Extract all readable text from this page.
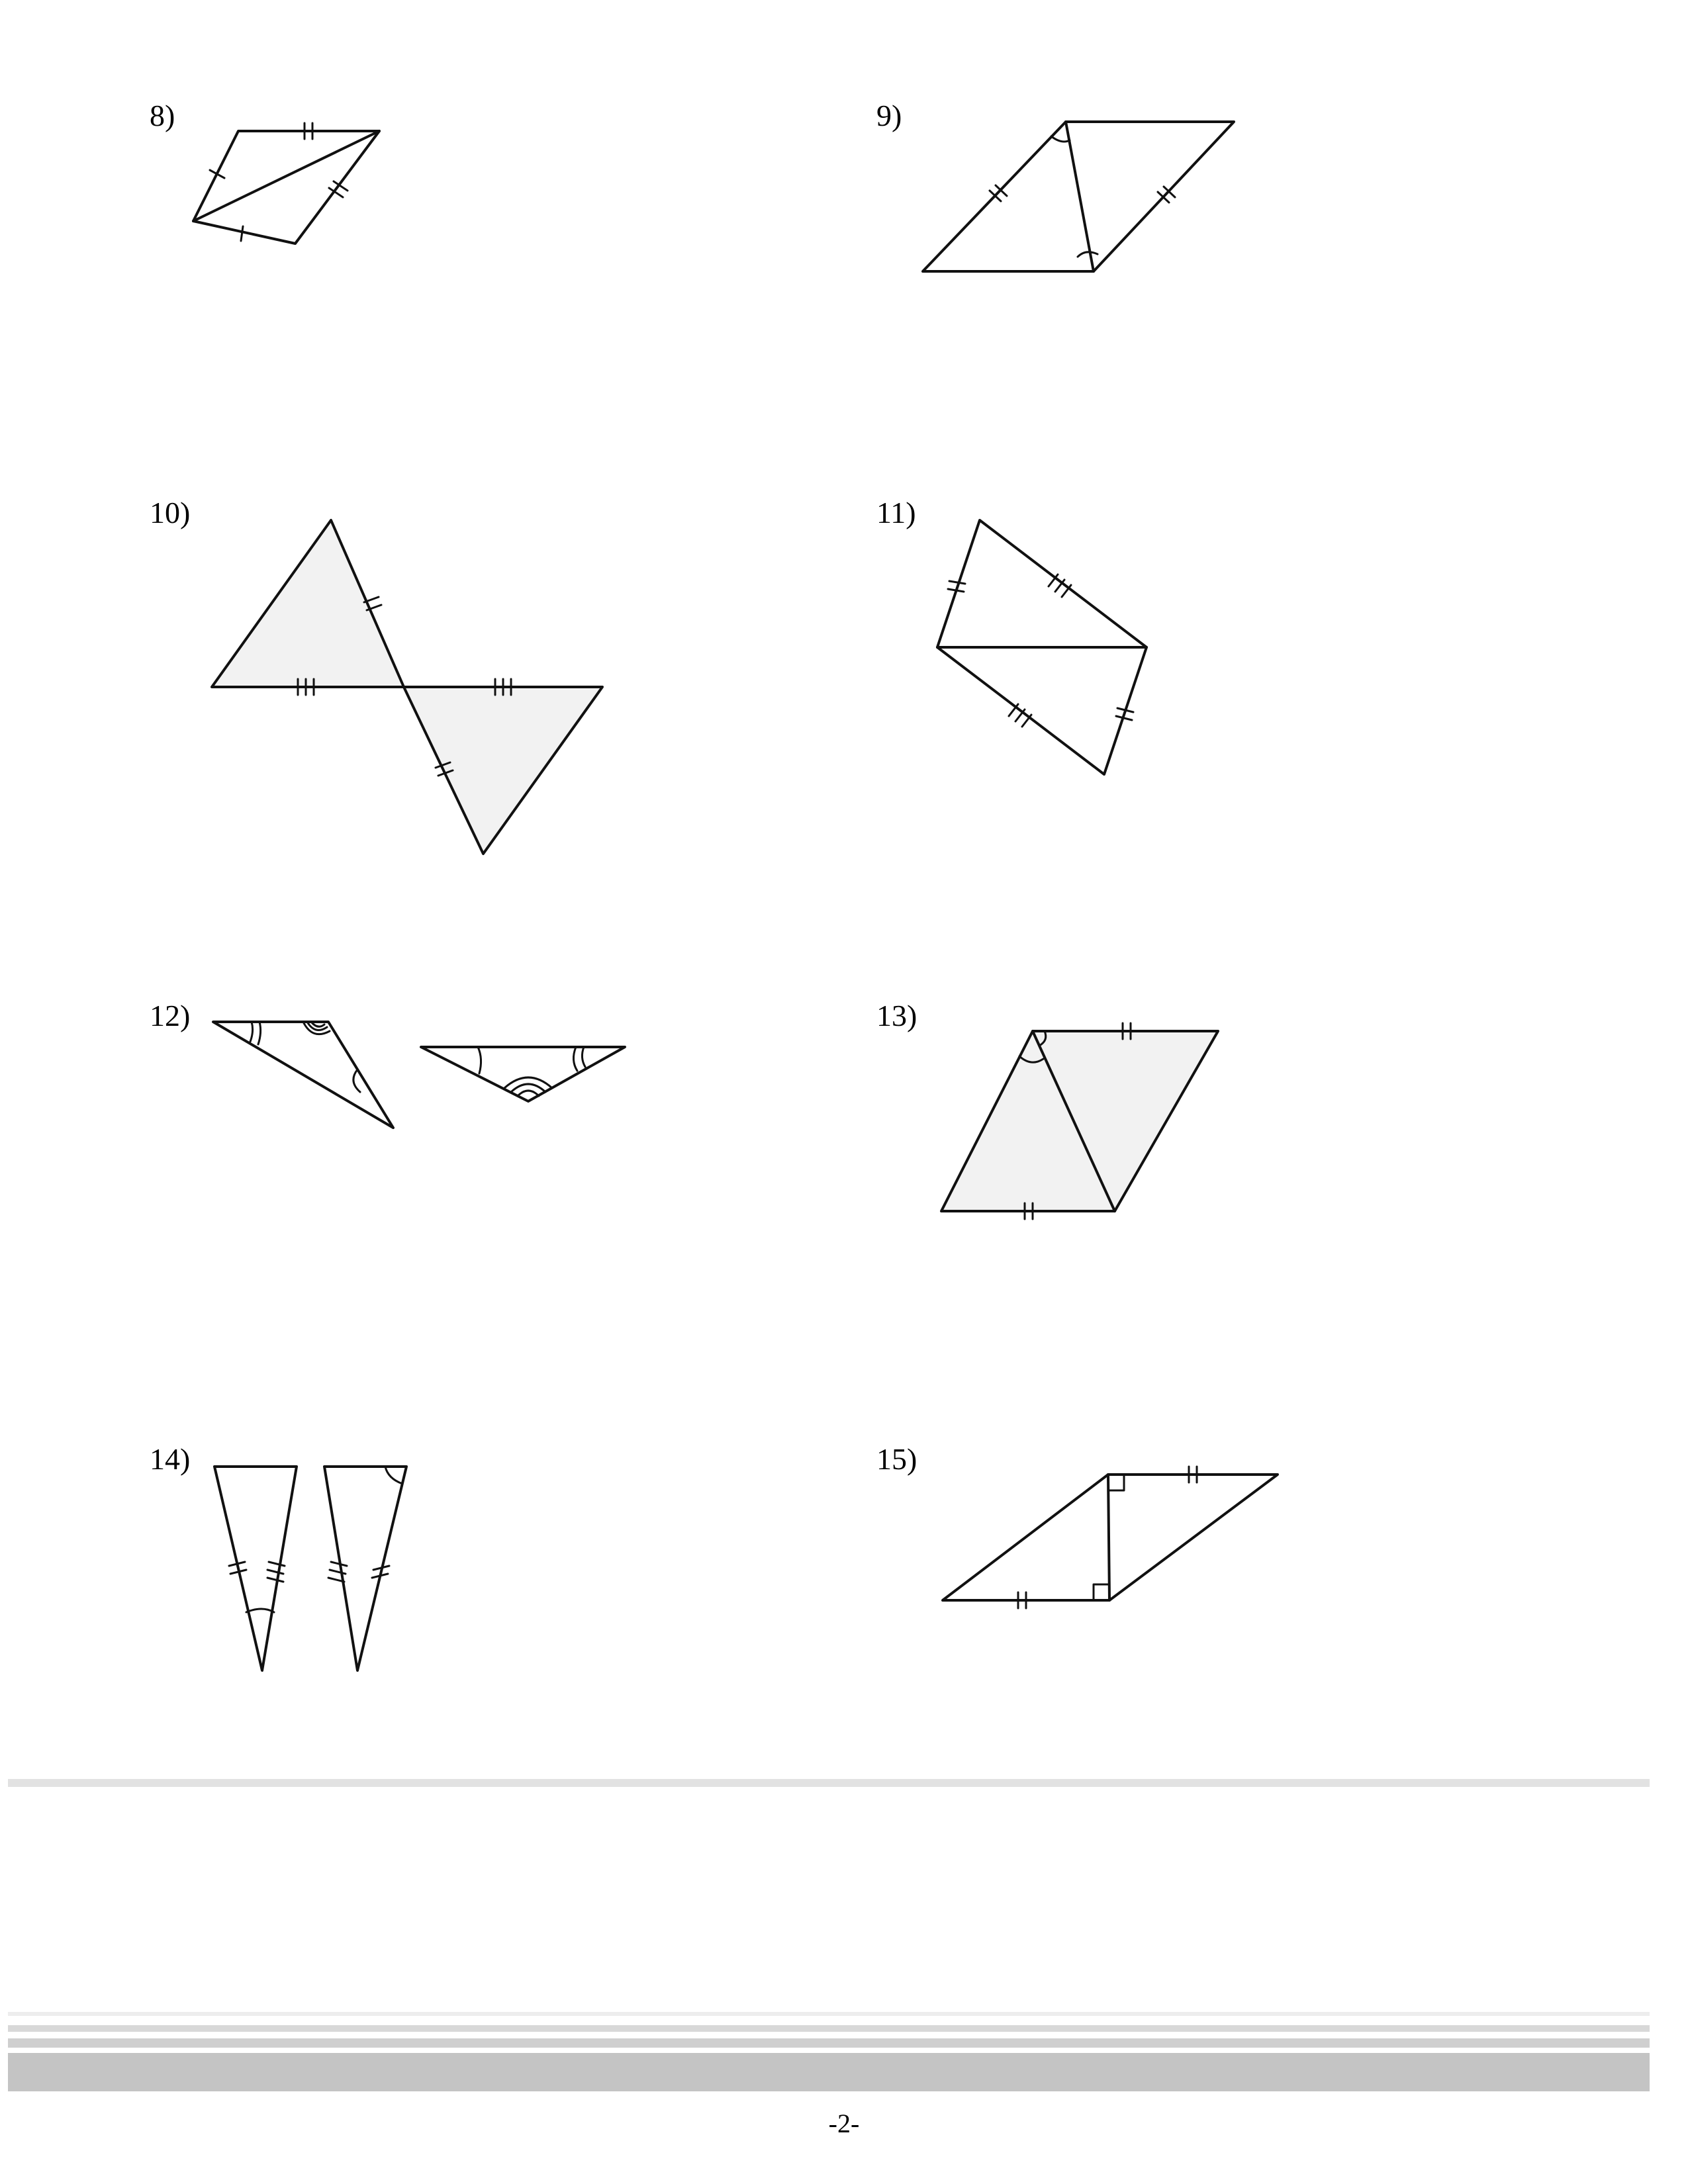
8)	9)
10)	11)
12)	13)
14)	15)
-2-
